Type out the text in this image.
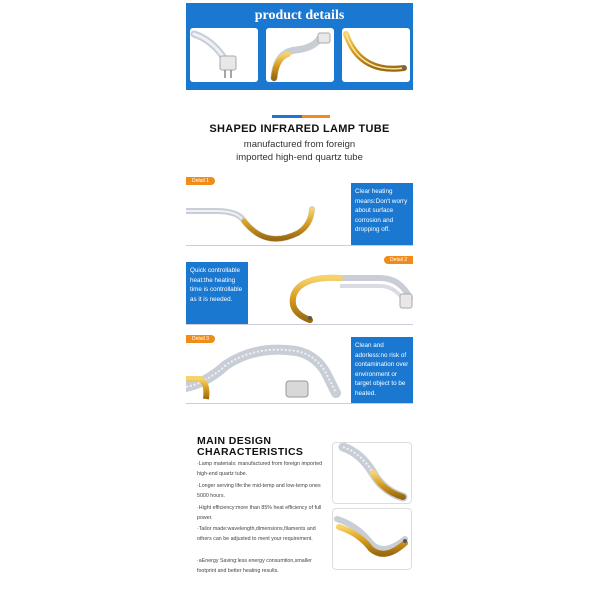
product details
SHAPED INFRARED LAMP TUBE
manufactured from foreign
imported high-end quartz tube
Detail 1
Clear heating means:Don't worry about surface corrosion and dropping off.
Detail 2
Quick controllable heat:the heating time is controllable as it is needed.
Detail 3
Clean and adorless:no risk of contamination over environment or target object to be heated.
MAIN DESIGN
CHARACTERISTICS
·Lamp materials: manufactured from foreign imported high-end quartz tube.
·Longer serving life:the mid-temp and low-temp ones 5000 hours.
·Hight efficiency:more than 85% heat efficiency of full power.
·Tailor made:wavelength,dimensions,filaments and others can be adjusted to ment your requirement.
·aEnergy Saving:less energy consumtion,smaller footprint and better heating results.
